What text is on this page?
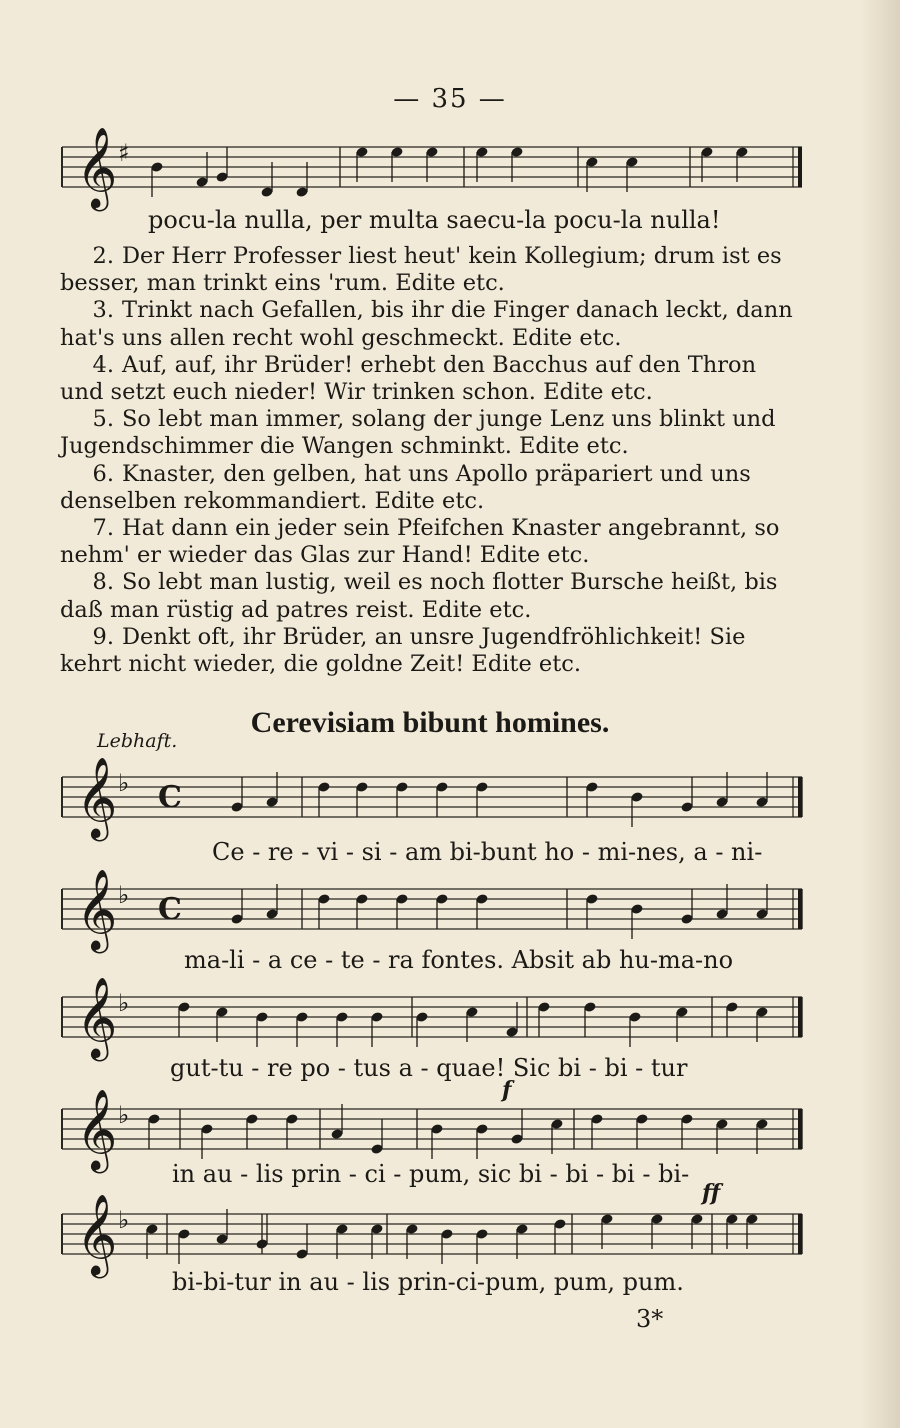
— 35 —
𝄞 ♯
pocu-la nulla, per multa saecu-la pocu-la nulla!

2. Der Herr Professer liest heut' kein Kollegium; drum ist es besser, man trinkt eins 'rum. Edite etc.

3. Trinkt nach Gefallen, bis ihr die Finger danach leckt, dann hat's uns allen recht wohl geschmeckt. Edite etc.

4. Auf, auf, ihr Brüder! erhebt den Bacchus auf den Thron und setzt euch nieder! Wir trinken schon. Edite etc.

5. So lebt man immer, solang der junge Lenz uns blinkt und Jugendschimmer die Wangen schminkt. Edite etc.

6. Knaster, den gelben, hat uns Apollo präpariert und uns denselben rekommandiert. Edite etc.

7. Hat dann ein jeder sein Pfeifchen Knaster angebrannt, so nehm' er wieder das Glas zur Hand! Edite etc.

8. So lebt man lustig, weil es noch flotter Bursche heißt, bis daß man rüstig ad patres reist. Edite etc.

9. Denkt oft, ihr Brüder, an unsre Jugendfröhlichkeit! Sie kehrt nicht wieder, die goldne Zeit! Edite etc.

Lebhaft.
Cerevisiam bibunt homines.
𝄞 ♭ C
Ce - re - vi - si - am bi-bunt ho - mi-nes, a - ni-
𝄞 ♭ C
ma-li - a ce - te - ra fontes. Absit ab hu-ma-no
𝄞 ♭
gut-tu - re po - tus a - quae! Sic bi - bi - tur
f
𝄞 ♭
in au - lis prin - ci - pum, sic bi - bi - bi - bi-
ff
𝄞 ♭
bi-bi-tur in au - lis prin-ci-pum, pum, pum.
3*
